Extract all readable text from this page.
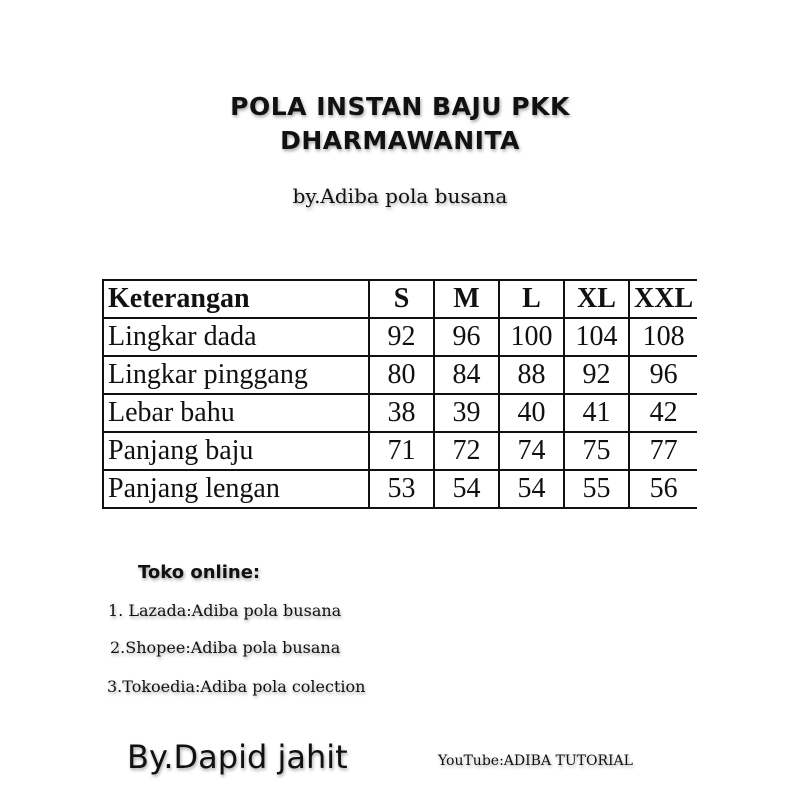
POLA INSTAN BAJU PKK
DHARMAWANITA
by.Adiba pola busana
Keterangan	S	M	L	XL	XXL
Lingkar dada	92	96	100	104	108
Lingkar pinggang	80	84	88	92	96
Lebar bahu	38	39	40	41	42
Panjang baju	71	72	74	75	77
Panjang lengan	53	54	54	55	56
Toko online:
1. Lazada:Adiba pola busana
2.Shopee:Adiba pola busana
3.Tokoedia:Adiba pola colection
By.Dapid jahit	YouTube:ADIBA TUTORIAL
